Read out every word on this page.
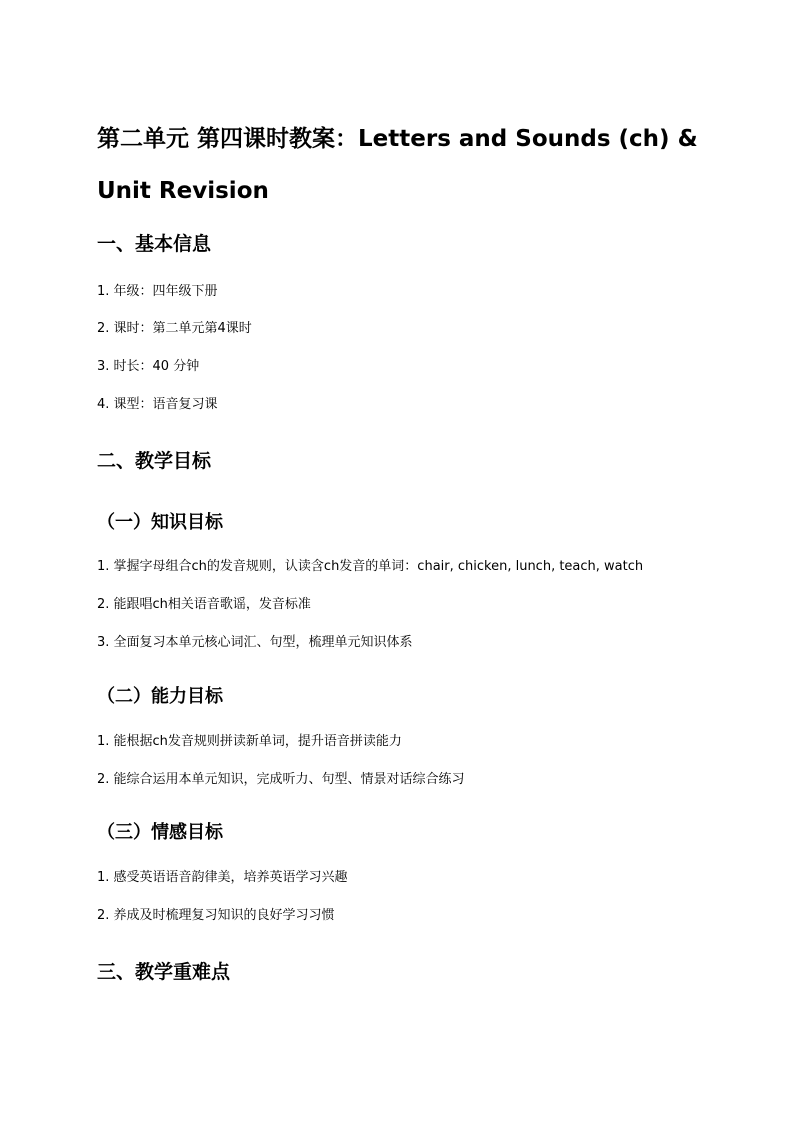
第二单元 第四课时教案：Letters and Sounds (ch) & Unit Revision
一、基本信息

1. 年级：四年级下册

2. 课时：第二单元第4课时

3. 时长：40 分钟

4. 课型：语音复习课

二、教学目标
（一）知识目标

1. 掌握字母组合ch的发音规则，认读含ch发音的单词：chair, chicken, lunch, teach, watch

2. 能跟唱ch相关语音歌谣，发音标准

3. 全面复习本单元核心词汇、句型，梳理单元知识体系

（二）能力目标

1. 能根据ch发音规则拼读新单词，提升语音拼读能力

2. 能综合运用本单元知识，完成听力、句型、情景对话综合练习

（三）情感目标

1. 感受英语语音韵律美，培养英语学习兴趣

2. 养成及时梳理复习知识的良好学习习惯

三、教学重难点
